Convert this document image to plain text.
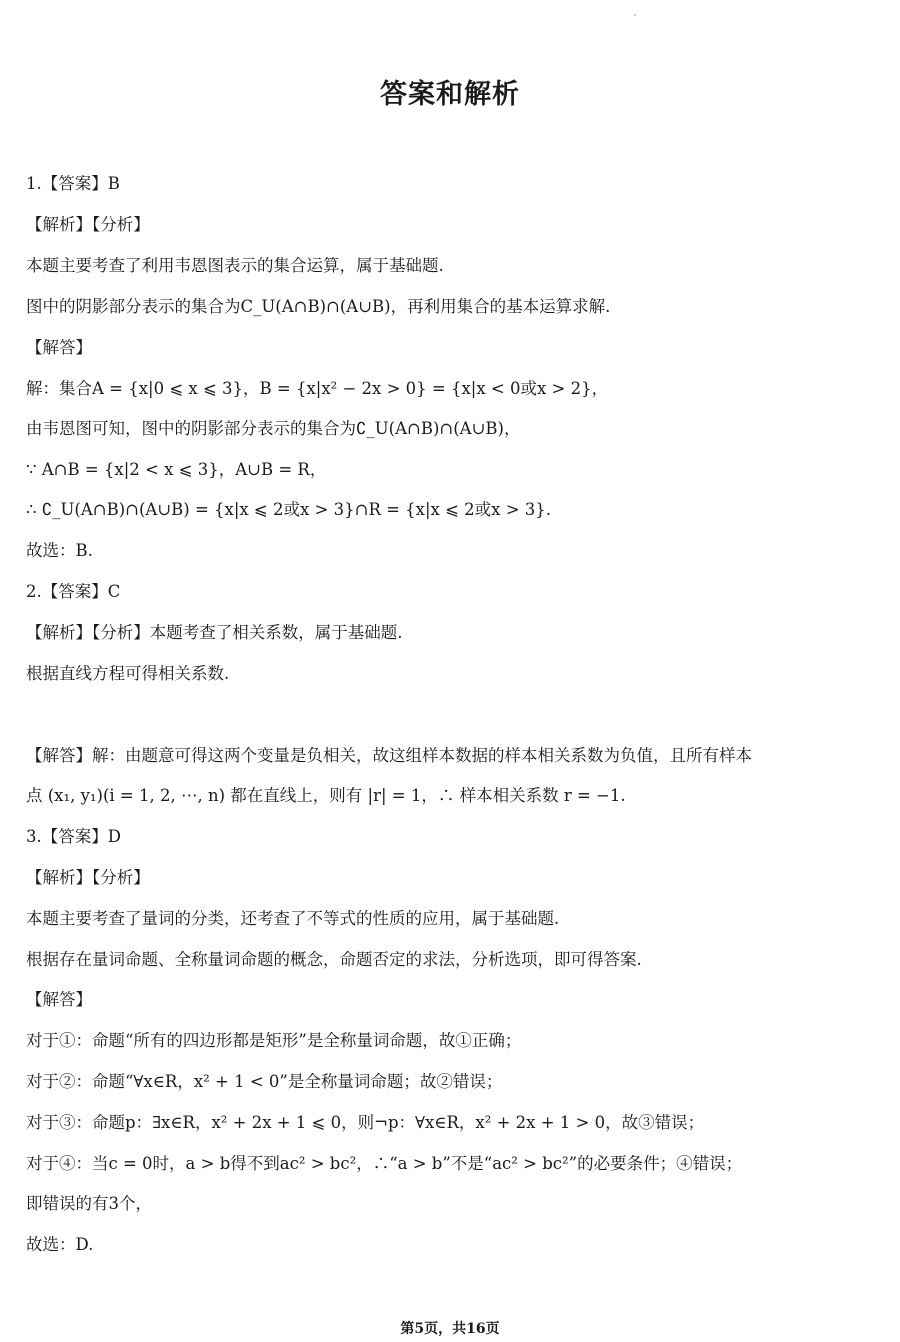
答案和解析
1.【答案】B
【解析】【分析】
本题主要考查了利用韦恩图表示的集合运算，属于基础题.
图中的阴影部分表示的集合为C_U(A∩B)∩(A∪B)，再利用集合的基本运算求解.
【解答】
解：集合A = {x|0 ⩽ x ⩽ 3}，B = {x|x² − 2x > 0} = {x|x < 0或x > 2}，
由韦恩图可知，图中的阴影部分表示的集合为∁_U(A∩B)∩(A∪B)，
∵ A∩B = {x|2 < x ⩽ 3}，A∪B = R，
∴ ∁_U(A∩B)∩(A∪B) = {x|x ⩽ 2或x > 3}∩R = {x|x ⩽ 2或x > 3}.
故选：B.
2.【答案】C
【解析】【分析】本题考查了相关系数，属于基础题.
根据直线方程可得相关系数.
【解答】解：由题意可得这两个变量是负相关，故这组样本数据的样本相关系数为负值，且所有样本
点 (x₁, y₁)(i = 1, 2, ⋯, n) 都在直线上，则有 |r| = 1，∴ 样本相关系数 r = −1.
3.【答案】D
【解析】【分析】
本题主要考查了量词的分类，还考查了不等式的性质的应用，属于基础题.
根据存在量词命题、全称量词命题的概念，命题否定的求法，分析选项，即可得答案.
【解答】
对于①：命题“所有的四边形都是矩形”是全称量词命题，故①正确；
对于②：命题“∀x∈R，x² + 1 < 0”是全称量词命题；故②错误；
对于③：命题p：∃x∈R，x² + 2x + 1 ⩽ 0，则¬p：∀x∈R，x² + 2x + 1 > 0，故③错误；
对于④：当c = 0时，a > b得不到ac² > bc²，∴“a > b”不是“ac² > bc²”的必要条件；④错误；
即错误的有3个，
故选：D.
第5页，共16页
